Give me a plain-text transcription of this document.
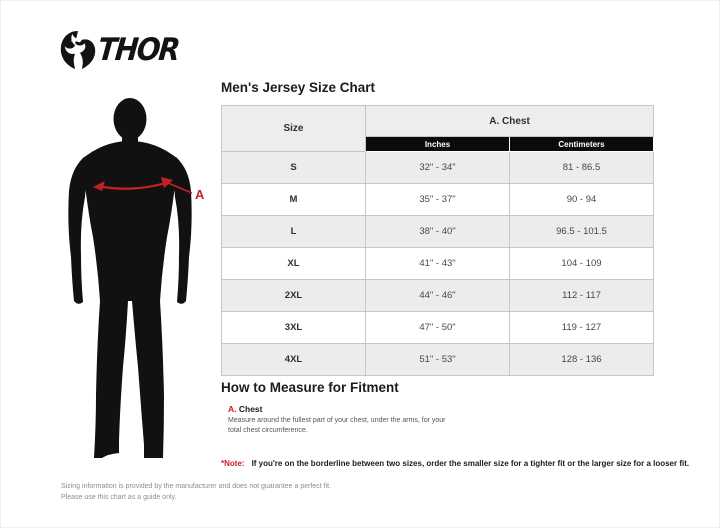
THOR
A
Men's Jersey Size Chart
Size	A. Chest	
	Inches	Centimeters
S	32" - 34"	81 - 86.5
M	35" - 37"	90 - 94
L	38" - 40"	96.5 - 101.5
XL	41" - 43"	104 - 109
2XL	44" - 46"	112 - 117
3XL	47" - 50"	119 - 127
4XL	51" - 53"	128 - 136
How to Measure for Fitment
A. Chest
Measure around the fullest part of your chest, under the arms, for your total chest circumference.
*Note: If you're on the borderline between two sizes, order the smaller size for a tighter fit or the larger size for a looser fit.
Sizing information is provided by the manufacturer and does not guarantee a perfect fit.
Please use this chart as a guide only.
